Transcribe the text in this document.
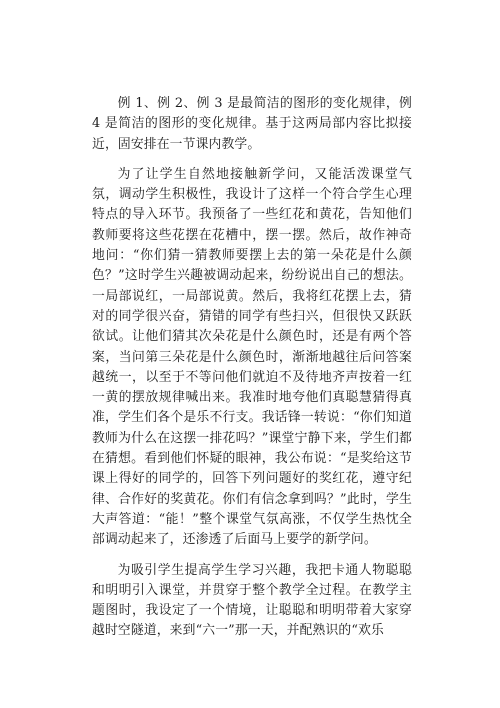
例 1、例 2、例 3 是最简洁的图形的变化规律，例 4 是简洁的图形的变化规律。基于这两局部内容比拟接近，固安排在一节课内教学。

为了让学生自然地接触新学问，又能活泼课堂气氛，调动学生积极性，我设计了这样一个符合学生心理特点的导入环节。我预备了一些红花和黄花，告知他们教师要将这些花摆在花槽中，摆一摆。然后，故作神奇地问：“你们猜一猜教师要摆上去的第一朵花是什么颜色？”这时学生兴趣被调动起来，纷纷说出自己的想法。一局部说红，一局部说黄。然后，我将红花摆上去，猜对的同学很兴奋，猜错的同学有些扫兴，但很快又跃跃欲试。让他们猜其次朵花是什么颜色时，还是有两个答案，当问第三朵花是什么颜色时，渐渐地越往后问答案越统一，以至于不等问他们就迫不及待地齐声按着一红一黄的摆放规律喊出来。我准时地夸他们真聪慧猜得真准，学生们各个是乐不行支。我话锋一转说：“你们知道教师为什么在这摆一排花吗？”课堂宁静下来，学生们都在猜想。看到他们怀疑的眼神，我公布说：“是奖给这节课上得好的同学的，回答下列问题好的奖红花，遵守纪律、合作好的奖黄花。你们有信念拿到吗？”此时，学生大声答道：“能！”整个课堂气氛高涨，不仅学生热忱全部调动起来了，还渗透了后面马上要学的新学问。

为吸引学生提高学生学习兴趣，我把卡通人物聪聪和明明引入课堂，并贯穿于整个教学全过程。在教学主题图时，我设定了一个情境，让聪聪和明明带着大家穿越时空隧道，来到“六一”那一天，并配熟识的“欢乐
